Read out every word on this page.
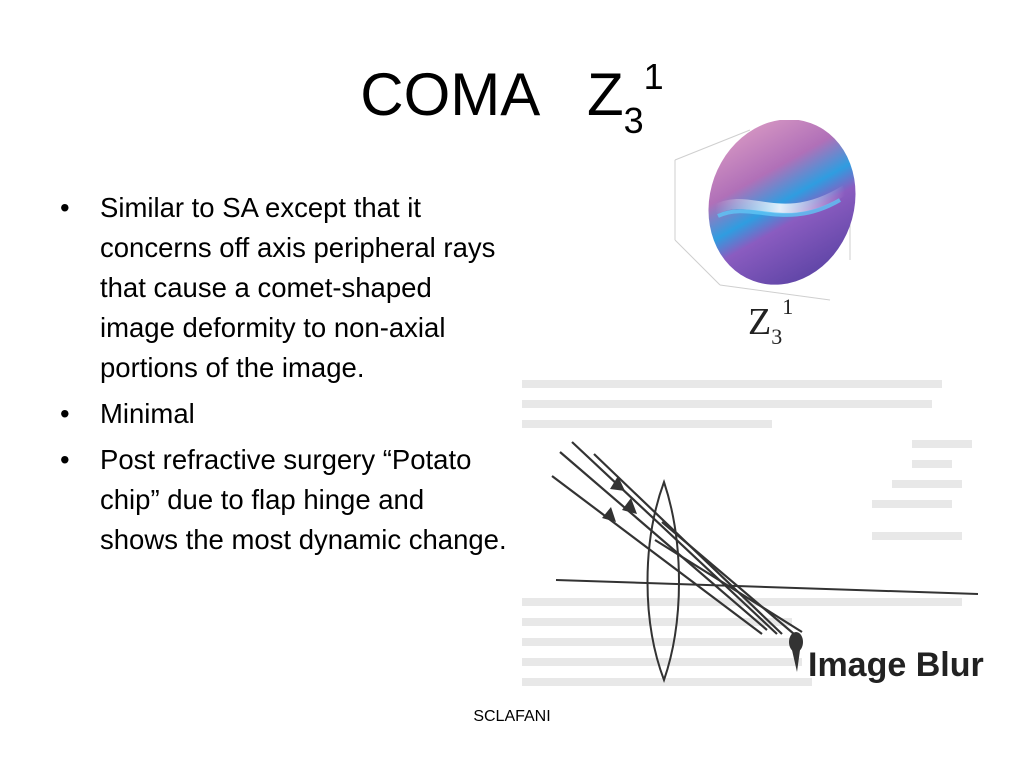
COMA   $Z_3^1$
• Similar to SA except that it concerns off axis peripheral rays that cause a comet-shaped image deformity to non-axial portions of the image.
• Minimal
• Post refractive surgery “Potato chip” due to flap hinge and shows the most dynamic change.
$Z_3^1$
Image Blur
SCLAFANI
